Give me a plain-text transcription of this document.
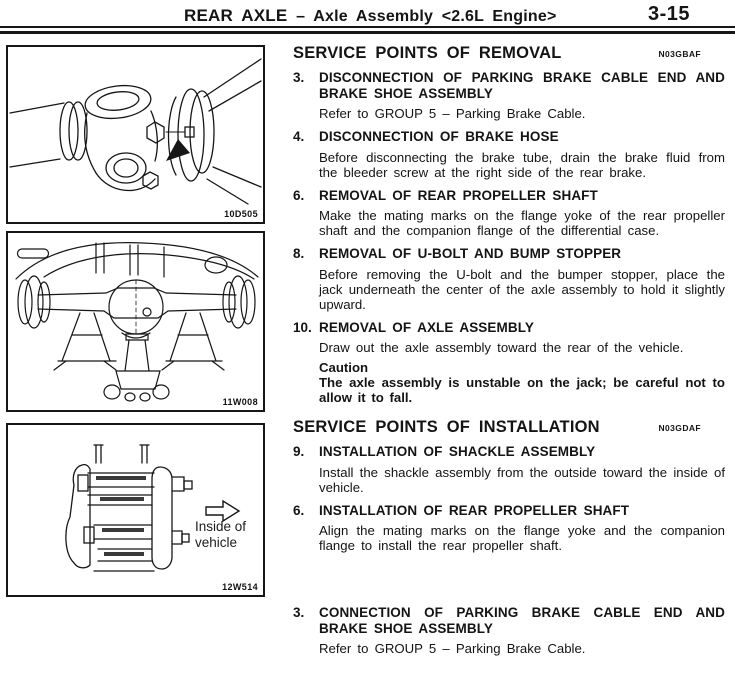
REAR AXLE – Axle Assembly <2.6L Engine>	3-15
10D505
11W008
Inside of vehicle
12W514
SERVICE POINTS OF REMOVAL	N03GBAF
3. DISCONNECTION OF PARKING BRAKE CABLE END AND BRAKE SHOE ASSEMBLY
Refer to GROUP 5 – Parking Brake Cable.
4. DISCONNECTION OF BRAKE HOSE
Before disconnecting the brake tube, drain the brake fluid from the bleeder screw at the right side of the rear brake.
6. REMOVAL OF REAR PROPELLER SHAFT
Make the mating marks on the flange yoke of the rear propeller shaft and the companion flange of the differential case.
8. REMOVAL OF U-BOLT AND BUMP STOPPER
Before removing the U-bolt and the bumper stopper, place the jack underneath the center of the axle assembly to hold it slightly upward.
10. REMOVAL OF AXLE ASSEMBLY
Draw out the axle assembly toward the rear of the vehicle.
Caution
The axle assembly is unstable on the jack; be careful not to allow it to fall.
SERVICE POINTS OF INSTALLATION	N03GDAF
9. INSTALLATION OF SHACKLE ASSEMBLY
Install the shackle assembly from the outside toward the inside of vehicle.
6. INSTALLATION OF REAR PROPELLER SHAFT
Align the mating marks on the flange yoke and the companion flange to install the rear propeller shaft.
3. CONNECTION OF PARKING BRAKE CABLE END AND BRAKE SHOE ASSEMBLY
Refer to GROUP 5 – Parking Brake Cable.
